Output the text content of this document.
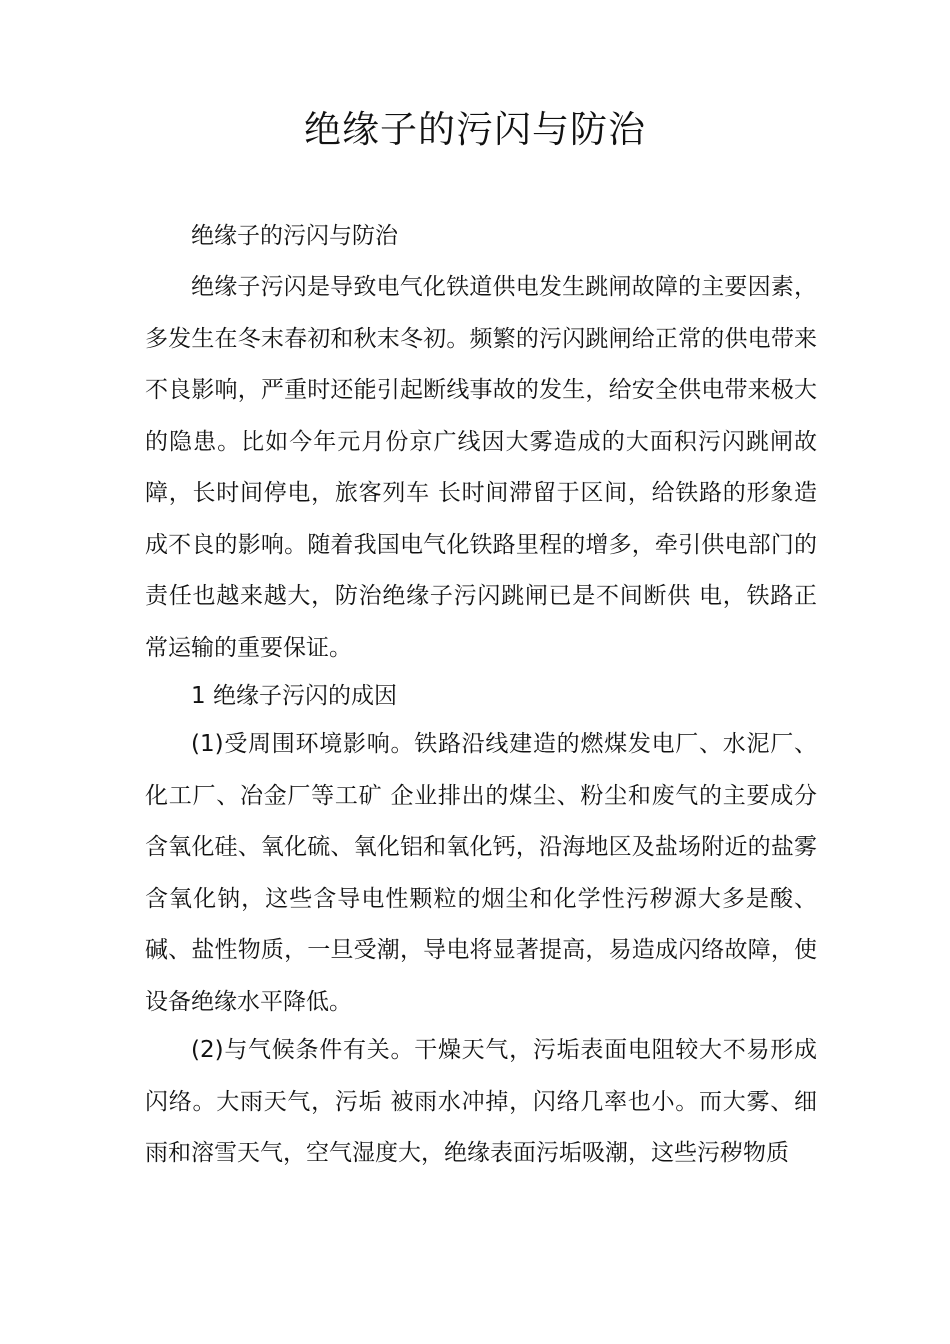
绝缘子的污闪与防治

绝缘子的污闪与防治

绝缘子污闪是导致电气化铁道供电发生跳闸故障的主要因素，多发生在冬末春初和秋末冬初。频繁的污闪跳闸给正常的供电带来不良影响，严重时还能引起断线事故的发生，给安全供电带来极大的隐患。比如今年元月份京广线因大雾造成的大面积污闪跳闸故障，长时间停电，旅客列车 长时间滞留于区间，给铁路的形象造成不良的影响。随着我国电气化铁路里程的增多，牵引供电部门的责任也越来越大，防治绝缘子污闪跳闸已是不间断供 电，铁路正常运输的重要保证。

1 绝缘子污闪的成因

(1)受周围环境影响。铁路沿线建造的燃煤发电厂、水泥厂、化工厂、冶金厂等工矿 企业排出的煤尘、粉尘和废气的主要成分含氧化硅、氧化硫、氧化铝和氧化钙，沿海地区及盐场附近的盐雾含氧化钠，这些含导电性颗粒的烟尘和化学性污秽源大多是酸、碱、盐性物质，一旦受潮，导电将显著提高，易造成闪络故障，使设备绝缘水平降低。

(2)与气候条件有关。干燥天气，污垢表面电阻较大不易形成闪络。大雨天气，污垢 被雨水冲掉，闪络几率也小。而大雾、细雨和溶雪天气，空气湿度大，绝缘表面污垢吸潮，这些污秽物质
